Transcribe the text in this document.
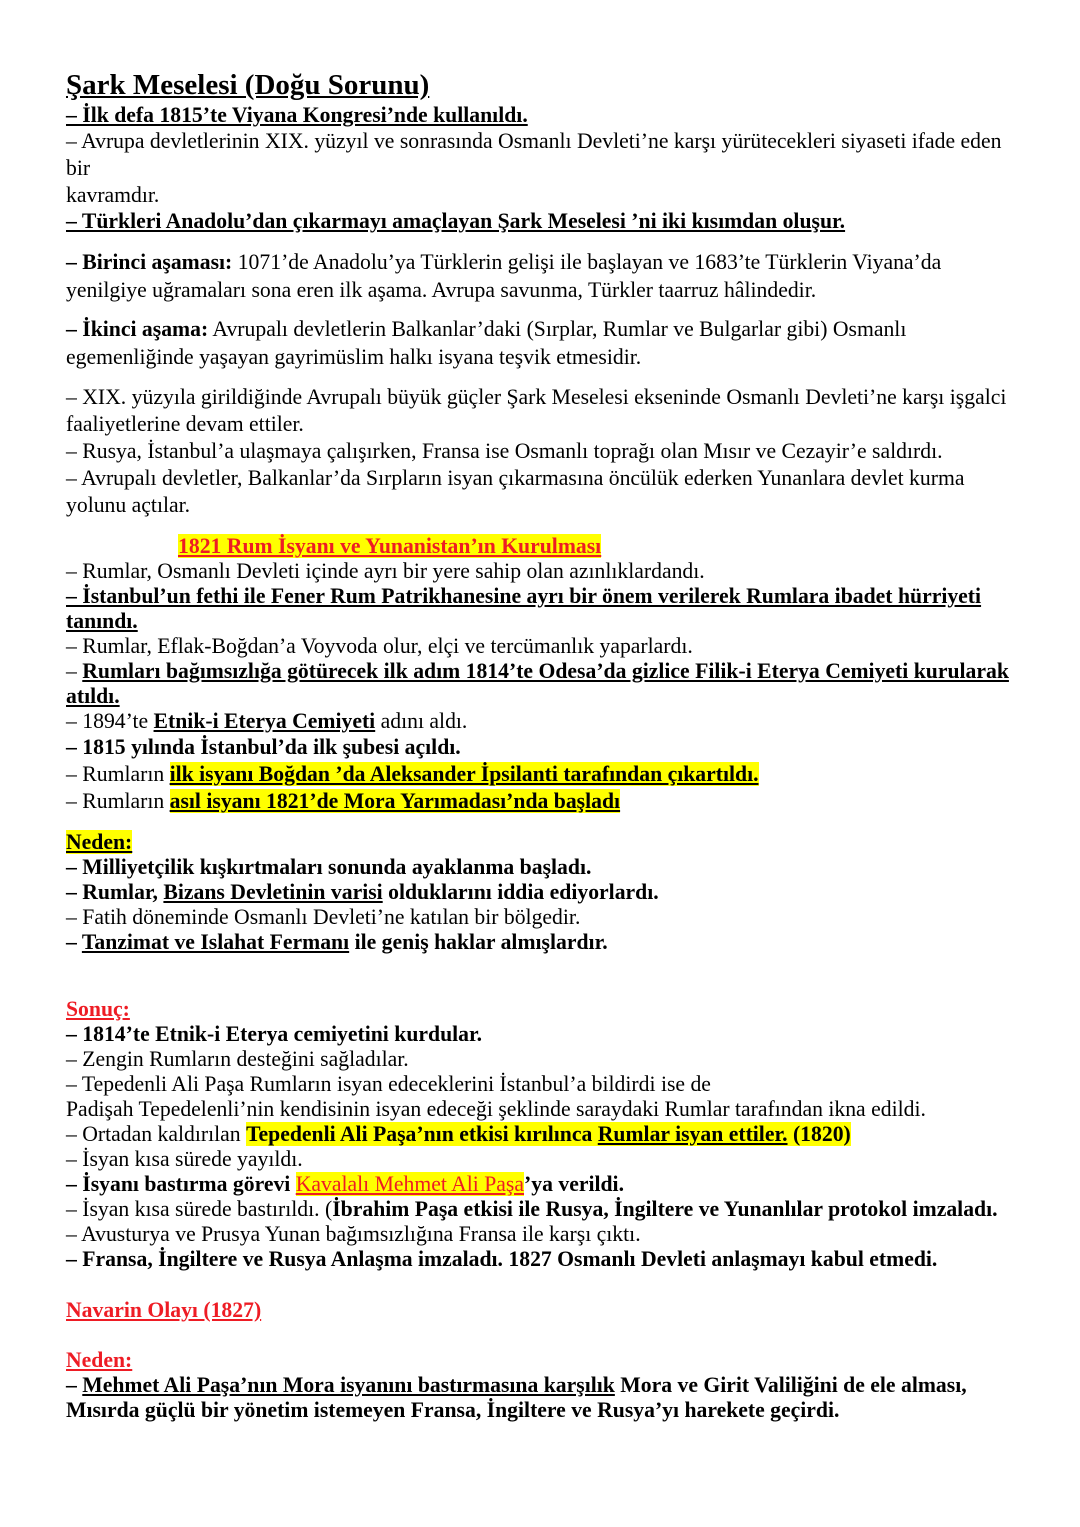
Şark Meselesi (Doğu Sorunu)
– İlk defa 1815’te Viyana Kongresi’nde kullanıldı.
– Avrupa devletlerinin XIX. yüzyıl ve sonrasında Osmanlı Devleti’ne karşı yürütecekleri siyaseti ifade eden
bir
kavramdır.
– Türkleri Anadolu’dan çıkarmayı amaçlayan Şark Meselesi ’ni iki kısımdan oluşur.
– Birinci aşaması: 1071’de Anadolu’ya Türklerin gelişi ile başlayan ve 1683’te Türklerin Viyana’da
yenilgiye uğramaları sona eren ilk aşama. Avrupa savunma, Türkler taarruz hâlindedir.
– İkinci aşama: Avrupalı devletlerin Balkanlar’daki (Sırplar, Rumlar ve Bulgarlar gibi) Osmanlı
egemenliğinde yaşayan gayrimüslim halkı isyana teşvik etmesidir.
– XIX. yüzyıla girildiğinde Avrupalı büyük güçler Şark Meselesi ekseninde Osmanlı Devleti’ne karşı işgalci
faaliyetlerine devam ettiler.
– Rusya, İstanbul’a ulaşmaya çalışırken, Fransa ise Osmanlı toprağı olan Mısır ve Cezayir’e saldırdı.
– Avrupalı devletler, Balkanlar’da Sırpların isyan çıkarmasına öncülük ederken Yunanlara devlet kurma
yolunu açtılar.
1821 Rum İsyanı ve Yunanistan’ın Kurulması
– Rumlar, Osmanlı Devleti içinde ayrı bir yere sahip olan azınlıklardandı.
– İstanbul’un fethi ile Fener Rum Patrikhanesine ayrı bir önem verilerek Rumlara ibadet hürriyeti
tanındı.
– Rumlar, Eflak-Boğdan’a Voyvoda olur, elçi ve tercümanlık yaparlardı.
– Rumları bağımsızlığa götürecek ilk adım 1814’te Odesa’da gizlice Filik-i Eterya Cemiyeti kurularak
atıldı.
– 1894’te Etnik-i Eterya Cemiyeti adını aldı.
– 1815 yılında İstanbul’da ilk şubesi açıldı.
– Rumların ilk isyanı Boğdan ’da Aleksander İpsilanti tarafından çıkartıldı.
– Rumların asıl isyanı 1821’de Mora Yarımadası’nda başladı
Neden:
– Milliyetçilik kışkırtmaları sonunda ayaklanma başladı.
– Rumlar, Bizans Devletinin varisi olduklarını iddia ediyorlardı.
– Fatih döneminde Osmanlı Devleti’ne katılan bir bölgedir.
– Tanzimat ve Islahat Fermanı ile geniş haklar almışlardır.
Sonuç:
– 1814’te Etnik-i Eterya cemiyetini kurdular.
– Zengin Rumların desteğini sağladılar.
– Tepedenli Ali Paşa Rumların isyan edeceklerini İstanbul’a bildirdi ise de
Padişah Tepedelenli’nin kendisinin isyan edeceği şeklinde saraydaki Rumlar tarafından ikna edildi.
– Ortadan kaldırılan Tepedenli Ali Paşa’nın etkisi kırılınca Rumlar isyan ettiler. (1820)
– İsyan kısa sürede yayıldı.
– İsyanı bastırma görevi Kavalalı Mehmet Ali Paşa’ya verildi.
– İsyan kısa sürede bastırıldı. (İbrahim Paşa etkisi ile Rusya, İngiltere ve Yunanlılar protokol imzaladı.
– Avusturya ve Prusya Yunan bağımsızlığına Fransa ile karşı çıktı.
– Fransa, İngiltere ve Rusya Anlaşma imzaladı. 1827 Osmanlı Devleti anlaşmayı kabul etmedi.
Navarin Olayı (1827)
Neden:
– Mehmet Ali Paşa’nın Mora isyanını bastırmasına karşılık Mora ve Girit Valiliğini de ele alması,
Mısırda güçlü bir yönetim istemeyen Fransa, İngiltere ve Rusya’yı harekete geçirdi.
